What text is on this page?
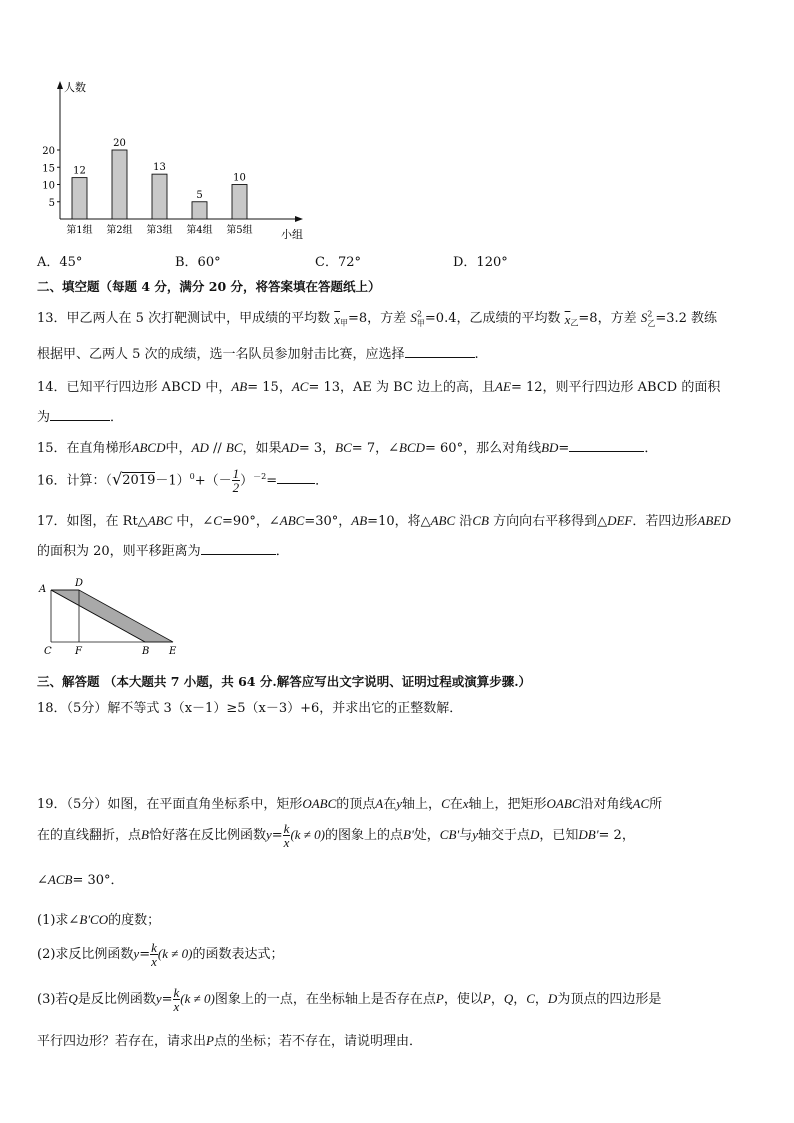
人数
小组
5
10
15
20
12
第1组
20
第2组
13
第3组
5
第4组
10
第5组
A．45°	B．60°	C．72°	D．120°
二、填空题（每题 4 分，满分 20 分，将答案填在答题纸上）
13．甲乙两人在 5 次打靶测试中，甲成绩的平均数 $\overline{x}_甲=8$，方差 $S^2_甲=0.4$，乙成绩的平均数 $\overline{x}_乙=8$，方差 $S^2_乙=3.2$ 教练
根据甲、乙两人 5 次的成绩，选一名队员参加射击比赛，应选择	.
14．已知平行四边形 ABCD 中，AB= 15，AC= 13，AE 为 BC 边上的高，且AE= 12，则平行四边形 ABCD 的面积
为	．
15．在直角梯形ABCD中，AD // BC，如果AD= 3，BC= 7，∠BCD= 60°，那么对角线BD=	．
16．计算：$(√2019-1)^0+(- \frac{1}{2} )^{-2}=$	．
17．如图，在 Rt△ABC 中，∠C=90°，∠ABC=30°，AB=10，将△ABC 沿CB 方向向右平移得到△DEF．若四边形ABED
的面积为 20，则平移距离为	．
A
D
C F	B E
三、解答题 （本大题共 7 小题，共 64 分.解答应写出文字说明、证明过程或演算步骤.）
18．（5分）解不等式 3（x－1）≥5（x－3）+6，并求出它的正整数解．
19．（5分）如图，在平面直角坐标系中，矩形OABC的顶点A在y轴上，C在x轴上，把矩形OABC沿对角线AC所
在的直线翻折，点B恰好落在反比例函数$y= \frac{k}{x} (k \ne 0)$的图象上的点B'处，CB'与y轴交于点D，已知DB'= 2，
∠ACB= 30°．
(1)求∠B'CO的度数；
(2)求反比例函数$y= \frac{k}{x} (k \ne 0)$的函数表达式；
(3)若Q是反比例函数$y= \frac{k}{x} (k \ne 0)$图象上的一点，在坐标轴上是否存在点P，使以P，Q，C，D为顶点的四边形是
平行四边形？若存在，请求出P点的坐标；若不存在，请说明理由．
